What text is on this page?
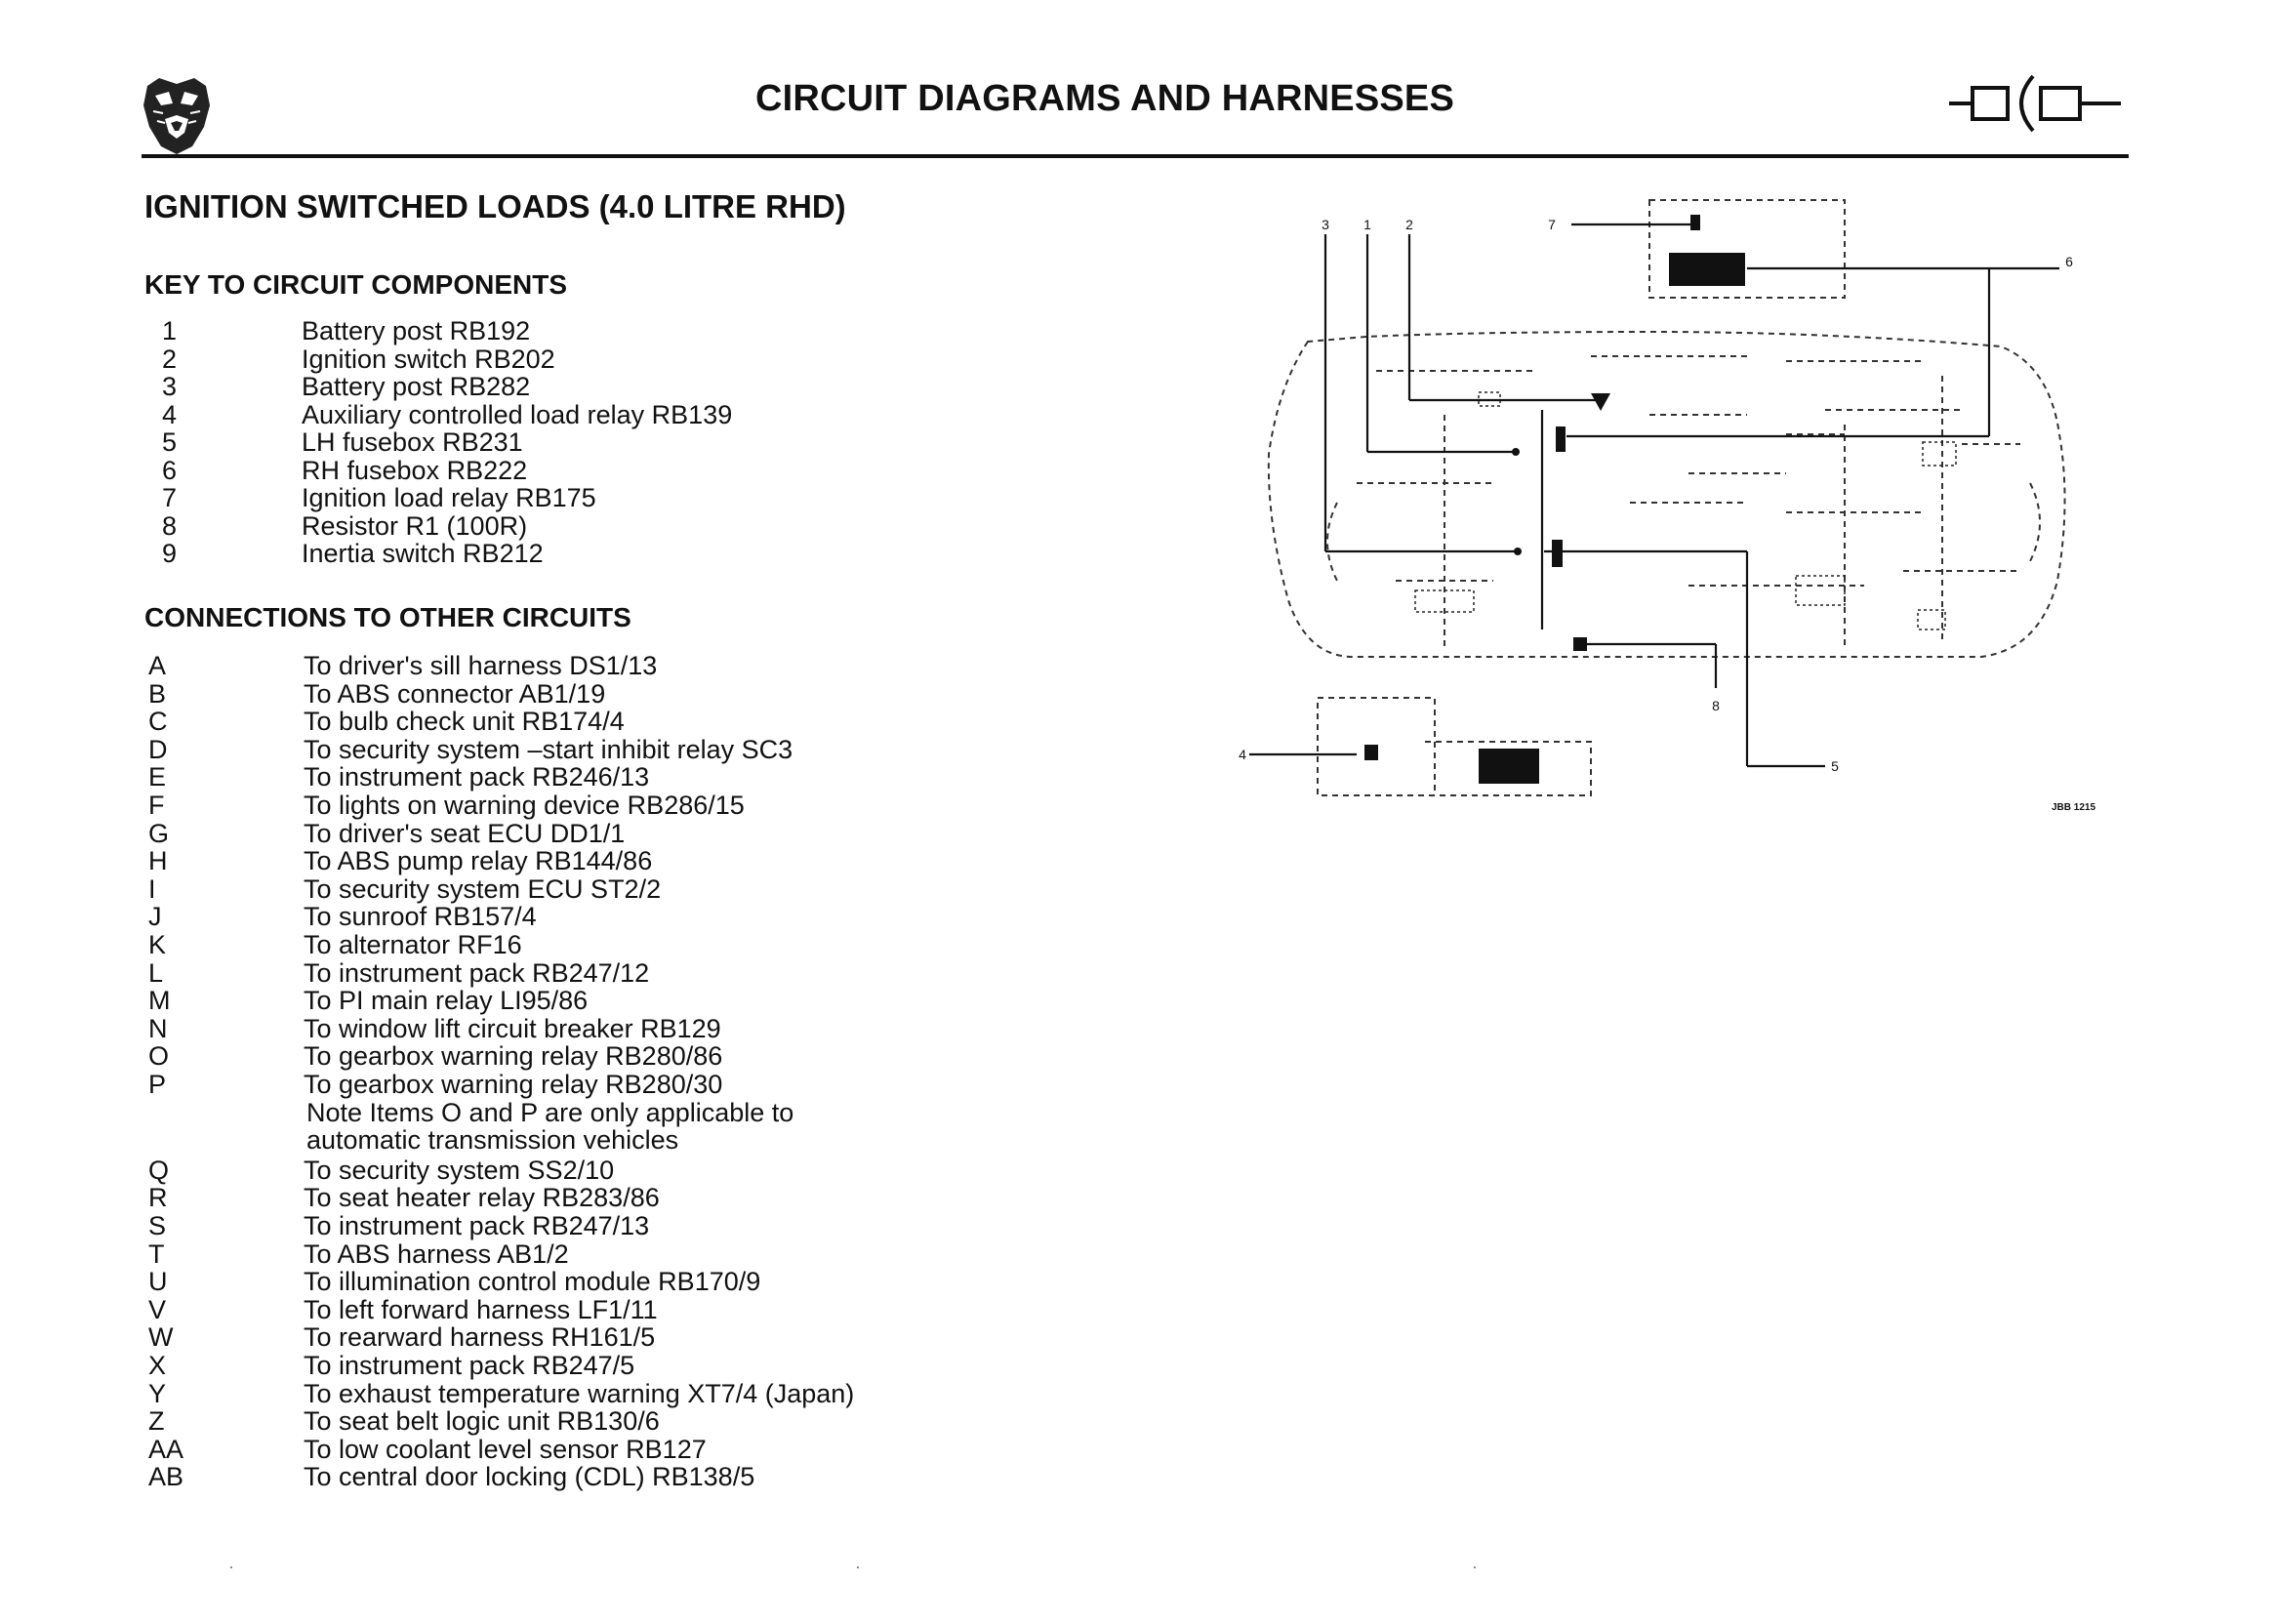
CIRCUIT DIAGRAMS AND HARNESSES
IGNITION SWITCHED LOADS (4.0 LITRE RHD)
KEY TO CIRCUIT COMPONENTS
1	Battery post RB192
2	Ignition switch RB202
3	Battery post RB282
4	Auxiliary controlled load relay RB139
5	LH fusebox RB231
6	RH fusebox RB222
7	Ignition load relay RB175
8	Resistor R1 (100R)
9	Inertia switch RB212
CONNECTIONS TO OTHER CIRCUITS
A	To driver's sill harness DS1/13
B	To ABS connector AB1/19
C	To bulb check unit RB174/4
D	To security system –start inhibit relay SC3
E	To instrument pack RB246/13
F	To lights on warning device RB286/15
G	To driver's seat ECU DD1/1
H	To ABS pump relay RB144/86
I	To security system ECU ST2/2
J	To sunroof RB157/4
K	To alternator RF16
L	To instrument pack RB247/12
M	To PI main relay LI95/86
N	To window lift circuit breaker RB129
O	To gearbox warning relay RB280/86
P	To gearbox warning relay RB280/30
Q	To security system SS2/10
R	To seat heater relay RB283/86
S	To instrument pack RB247/13
T	To ABS harness AB1/2
U	To illumination control module RB170/9
V	To left forward harness LF1/11
W	To rearward harness RH161/5
X	To instrument pack RB247/5
Y	To exhaust temperature warning XT7/4 (Japan)
Z	To seat belt logic unit RB130/6
AA	To low coolant level sensor RB127
AB	To central door locking (CDL) RB138/5
Note Items O and P are only applicable to
automatic transmission vehicles
3	1	2	7
6
4
8
5
JBB 1215
·	·	·
